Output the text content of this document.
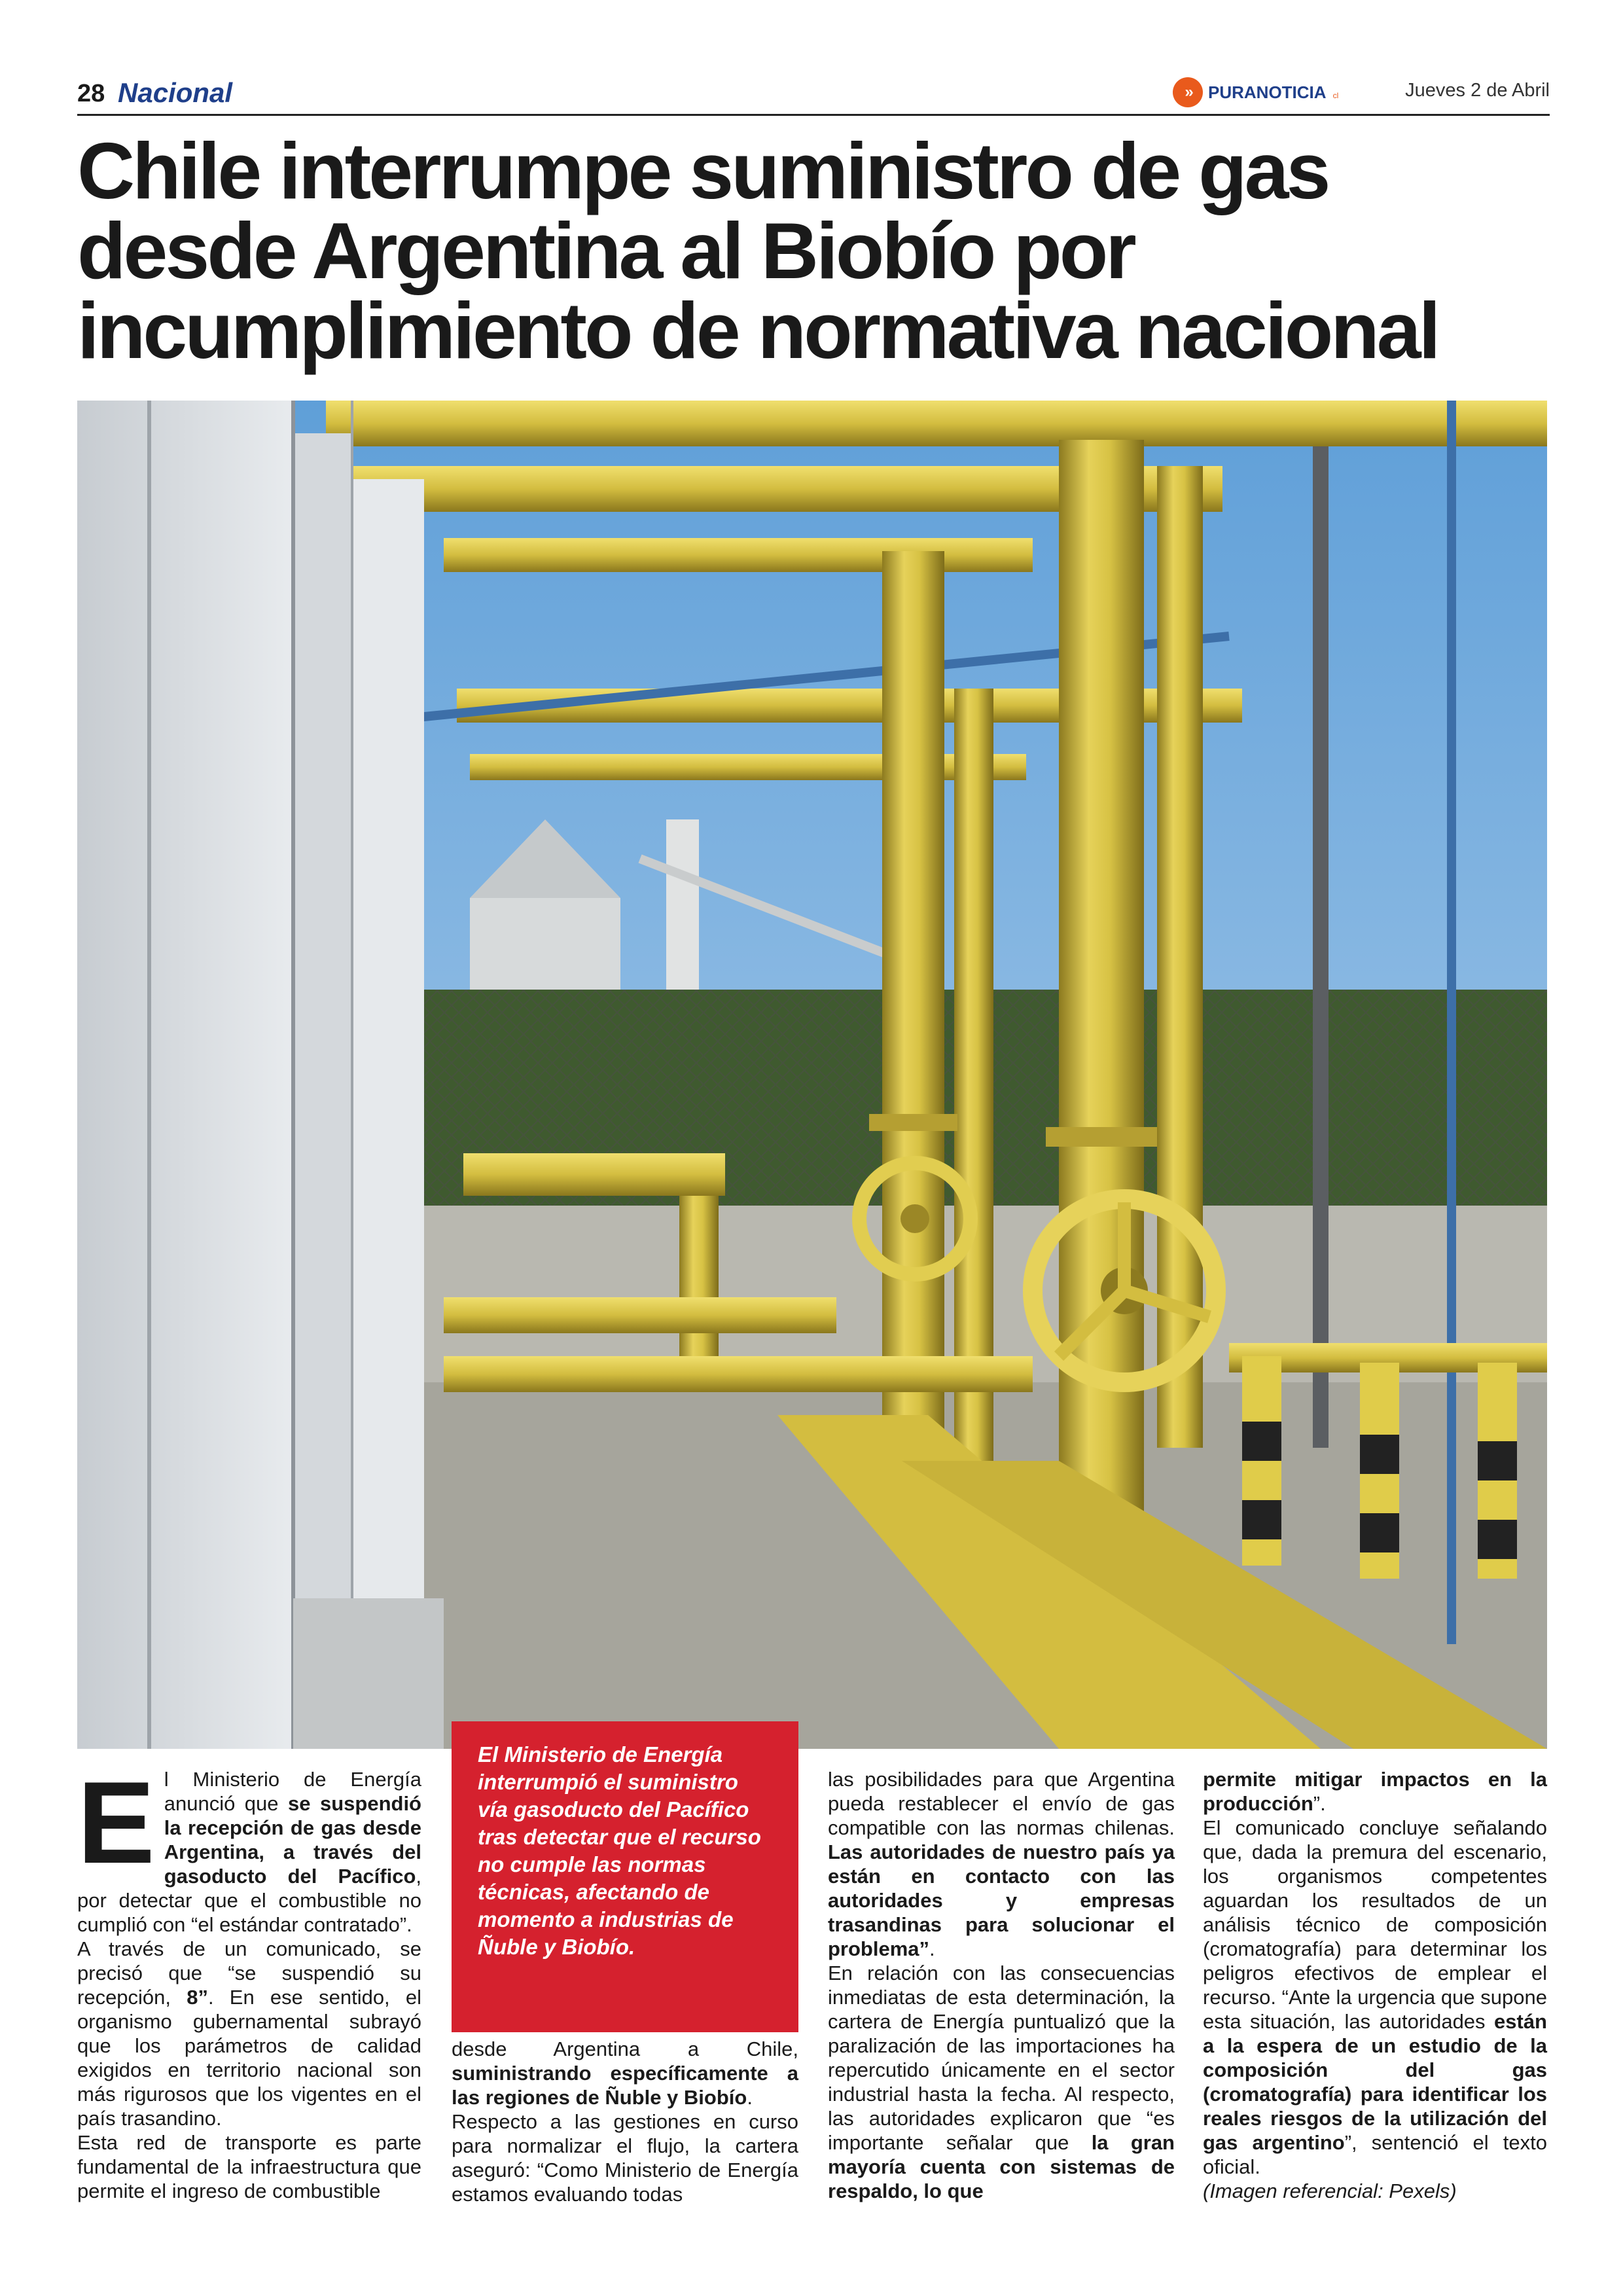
28 Nacional	»	PURANOTICIA cl	Jueves 2 de Abril
Chile interrumpe suministro de gas desde Argentina al Biobío por incumplimiento de normativa nacional

El Ministerio de Energía interrumpió el suministro vía gasoducto del Pacífico tras detectar que el recurso no cumple las normas técnicas, afectando de momento a industrias de Ñuble y Biobío.

E l Ministerio de Energía anunció que se suspendió la recepción de gas desde Argentina, a través del gasoducto del Pacífico, por detectar que el combustible no cumplió con “el estándar contratado”.

A través de un comunicado, se precisó que “se suspendió su recepción, 8”. En ese sentido, el organismo gubernamental subrayó que los parámetros de calidad exigidos en territorio nacional son más rigurosos que los vigentes en el país trasandino.

Esta red de transporte es parte fundamental de la infraestructura que permite el ingreso de combustible

desde Argentina a Chile, suministrando específicamente a las regiones de Ñuble y Biobío.

Respecto a las gestiones en curso para normalizar el flujo, la cartera aseguró: “Como Ministerio de Energía estamos evaluando todas

las posibilidades para que Argentina pueda restablecer el envío de gas compatible con las normas chilenas. Las autoridades de nuestro país ya están en contacto con las autoridades y empresas trasandinas para solucionar el problema”.

En relación con las consecuencias inmediatas de esta determinación, la cartera de Energía puntualizó que la paralización de las importaciones ha repercutido únicamente en el sector industrial hasta la fecha. Al respecto, las autoridades explicaron que “es importante señalar que la gran mayoría cuenta con sistemas de respaldo, lo que

permite mitigar impactos en la producción”.

El comunicado concluye señalando que, dada la premura del escenario, los organismos competentes aguardan los resultados de un análisis técnico de composición (cromatografía) para determinar los peligros efectivos de emplear el recurso. “Ante la urgencia que supone esta situación, las autoridades están a la espera de un estudio de la composición del gas (cromatografía) para identificar los reales riesgos de la utilización del gas argentino”, sentenció el texto oficial.

(Imagen referencial: Pexels)
